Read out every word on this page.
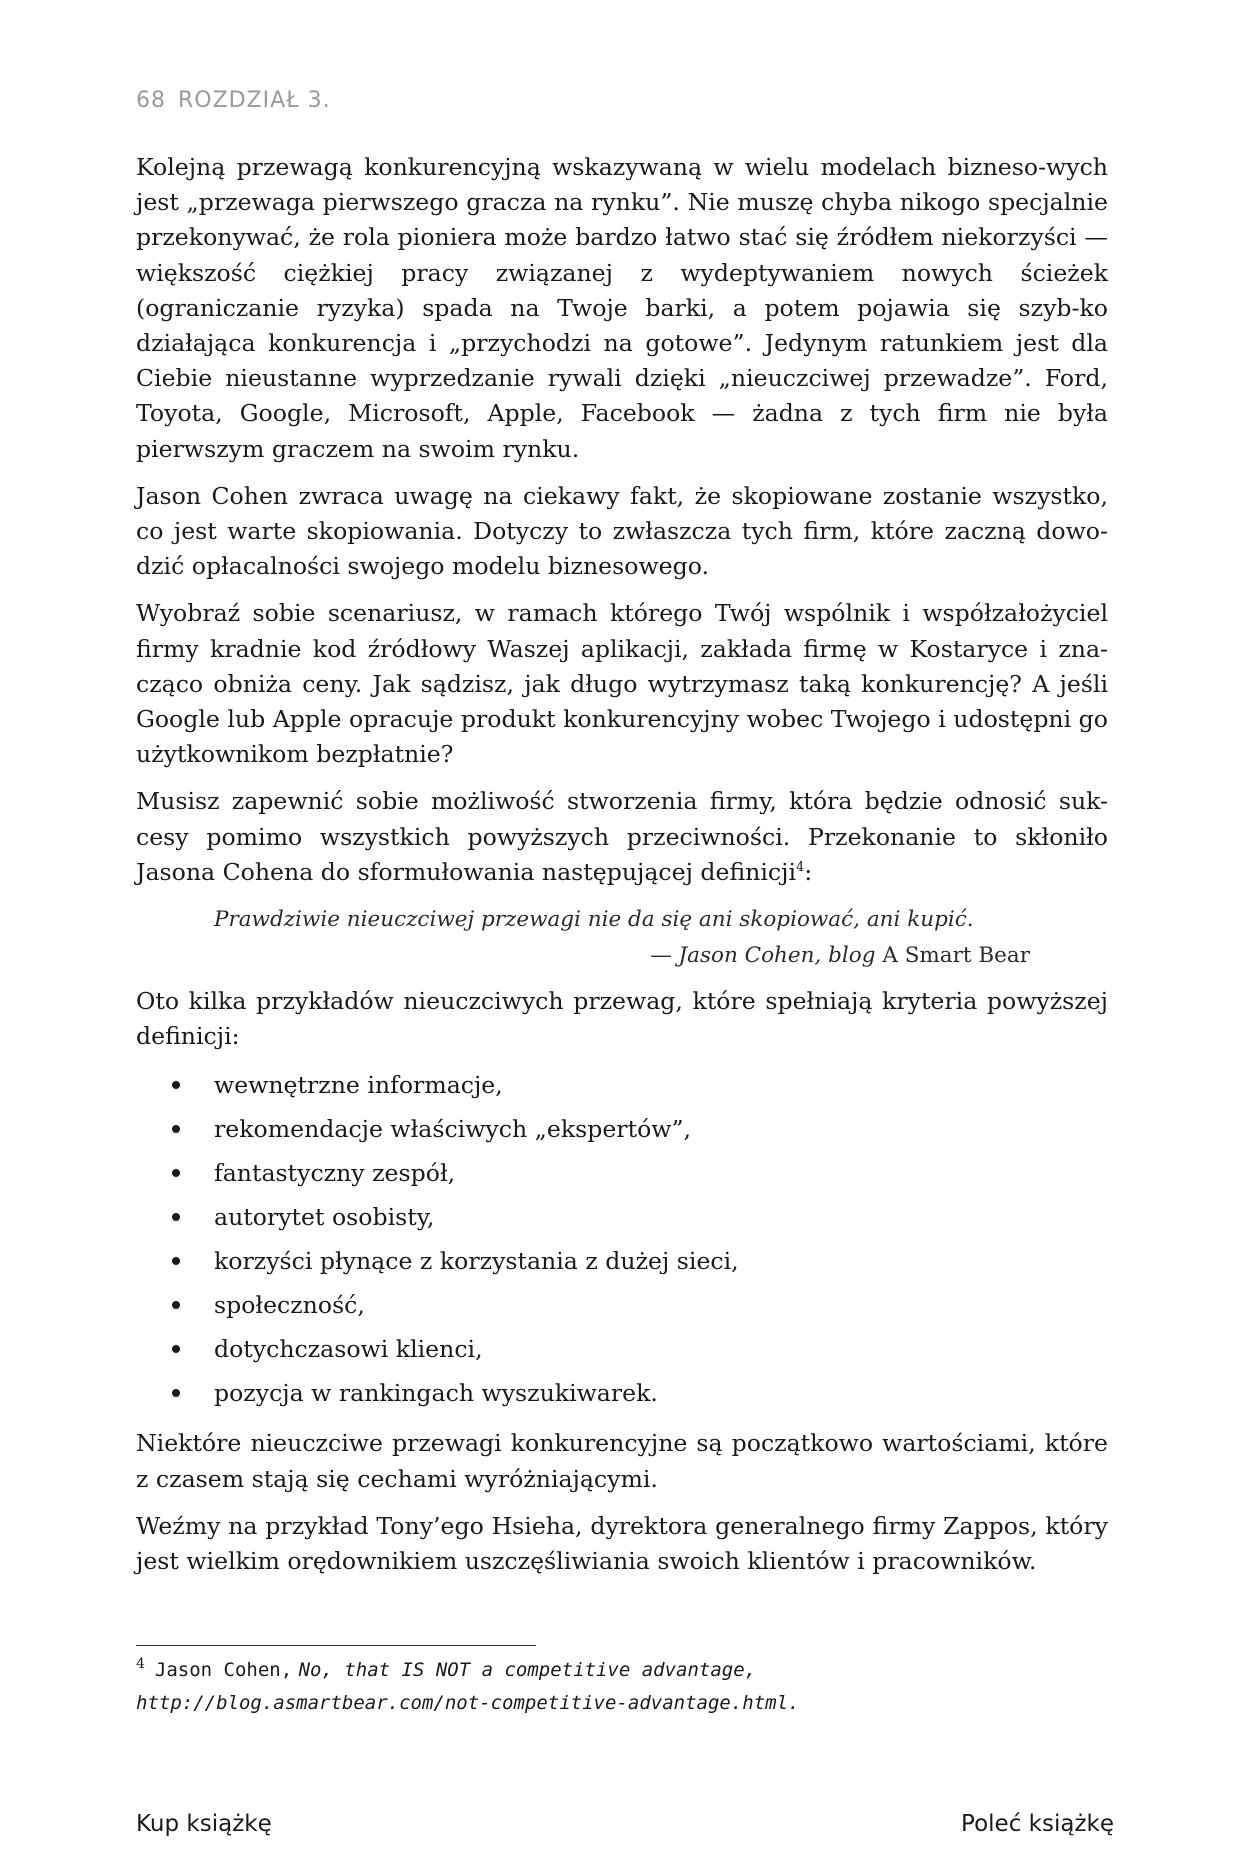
68 ROZDZIAŁ 3.

Kolejną przewagą konkurencyjną wskazywaną w wielu modelach bizneso-wych jest „przewaga pierwszego gracza na rynku”. Nie muszę chyba nikogo specjalnie przekonywać, że rola pioniera może bardzo łatwo stać się źródłem niekorzyści — większość ciężkiej pracy związanej z wydeptywaniem nowych ścieżek (ograniczanie ryzyka) spada na Twoje barki, a potem pojawia się szyb-ko działająca konkurencja i „przychodzi na gotowe”. Jedynym ratunkiem jest dla Ciebie nieustanne wyprzedzanie rywali dzięki „nieuczciwej przewadze”. Ford, Toyota, Google, Microsoft, Apple, Facebook — żadna z tych firm nie była pierwszym graczem na swoim rynku.

Jason Cohen zwraca uwagę na ciekawy fakt, że skopiowane zostanie wszystko, co jest warte skopiowania. Dotyczy to zwłaszcza tych firm, które zaczną dowo-dzić opłacalności swojego modelu biznesowego.

Wyobraź sobie scenariusz, w ramach którego Twój wspólnik i współzałożyciel firmy kradnie kod źródłowy Waszej aplikacji, zakłada firmę w Kostaryce i zna-cząco obniża ceny. Jak sądzisz, jak długo wytrzymasz taką konkurencję? A jeśli Google lub Apple opracuje produkt konkurencyjny wobec Twojego i udostępni go użytkownikom bezpłatnie?

Musisz zapewnić sobie możliwość stworzenia firmy, która będzie odnosić suk-cesy pomimo wszystkich powyższych przeciwności. Przekonanie to skłoniło Jasona Cohena do sformułowania następującej definicji$^4$:

Prawdziwie nieuczciwej przewagi nie da się ani skopiować, ani kupić.
— Jason Cohen, blog A Smart Bear

Oto kilka przykładów nieuczciwych przewag, które spełniają kryteria powyższej definicji:

wewnętrzne informacje,
rekomendacje właściwych „ekspertów”,
fantastyczny zespół,
autorytet osobisty,
korzyści płynące z korzystania z dużej sieci,
społeczność,
dotychczasowi klienci,
pozycja w rankingach wyszukiwarek.

Niektóre nieuczciwe przewagi konkurencyjne są początkowo wartościami, które z czasem stają się cechami wyróżniającymi.

Weźmy na przykład Tony’ego Hsieha, dyrektora generalnego firmy Zappos, który jest wielkim orędownikiem uszczęśliwiania swoich klientów i pracowników.

$^4$ Jason Cohen, No, that IS NOT a competitive advantage, http://blog.asmartbear.com/not-competitive-advantage.html.
Kup książkę	Poleć książkę
